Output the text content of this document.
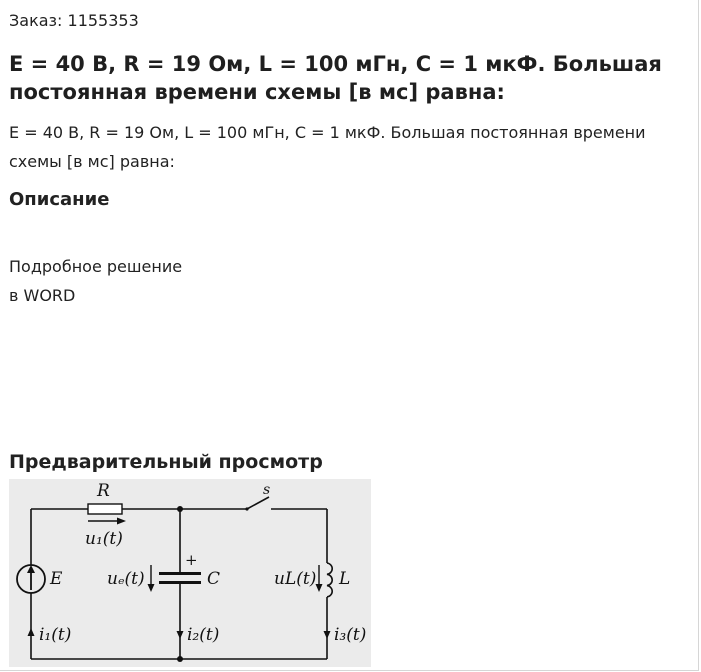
Заказ: 1155353
E = 40 В, R = 19 Ом, L = 100 мГн, C = 1 мкФ. Большая постоянная времени схемы [в мс] равна:

E = 40 В, R = 19 Ом, L = 100 мГн, C = 1 мкФ. Большая постоянная времени схемы [в мс] равна:

Описание
Подробное решение
в WORD
Предварительный просмотр
R	s
u₁(t)
E	uₑ(t)
+
C	uL(t) L
i₁(t)	i₂(t)	i₃(t)
